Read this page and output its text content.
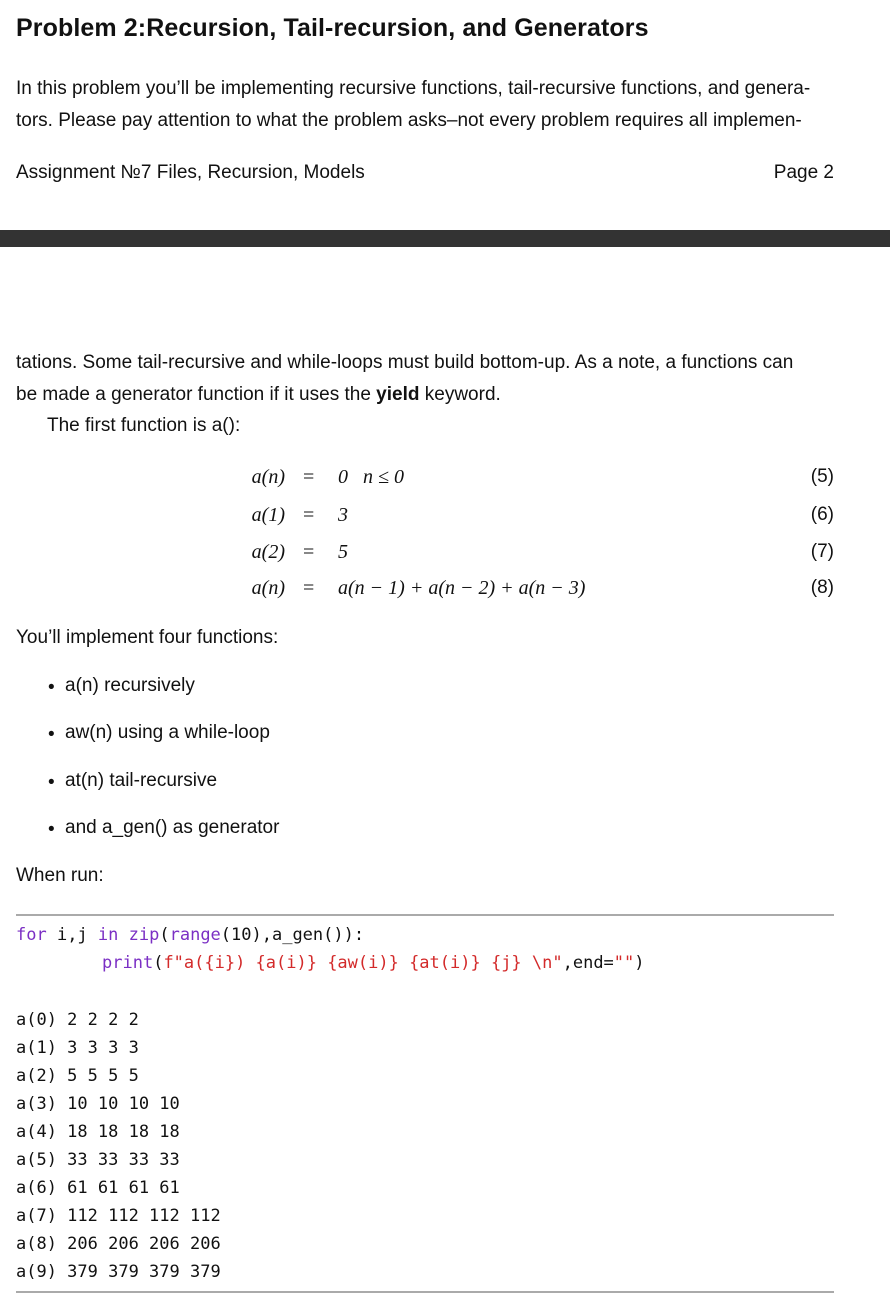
Problem 2:Recursion, Tail-recursion, and Generators
In this problem you’ll be implementing recursive functions, tail-recursive functions, and genera-
tors. Please pay attention to what the problem asks–not every problem requires all implemen-
Assignment №7 Files, Recursion, Models	Page 2
tations. Some tail-recursive and while-loops must build bottom-up. As a note, a functions can
be made a generator function if it uses the yield keyword.
The first function is a():
a(n) = 0   n ≤ 0	(5)
a(1) = 3	(6)
a(2) = 5	(7)
a(n) = a(n − 1) + a(n − 2) + a(n − 3)	(8)
You’ll implement four functions:
• a(n) recursively
• aw(n) using a while-loop
• at(n) tail-recursive
• and a_gen() as generator
When run:
for i,j in zip(range(10),a_gen()):
print(f"a({i}) {a(i)} {aw(i)} {at(i)} {j} \n",end="")
a(0) 2 2 2 2
a(1) 3 3 3 3
a(2) 5 5 5 5
a(3) 10 10 10 10
a(4) 18 18 18 18
a(5) 33 33 33 33
a(6) 61 61 61 61
a(7) 112 112 112 112
a(8) 206 206 206 206
a(9) 379 379 379 379
